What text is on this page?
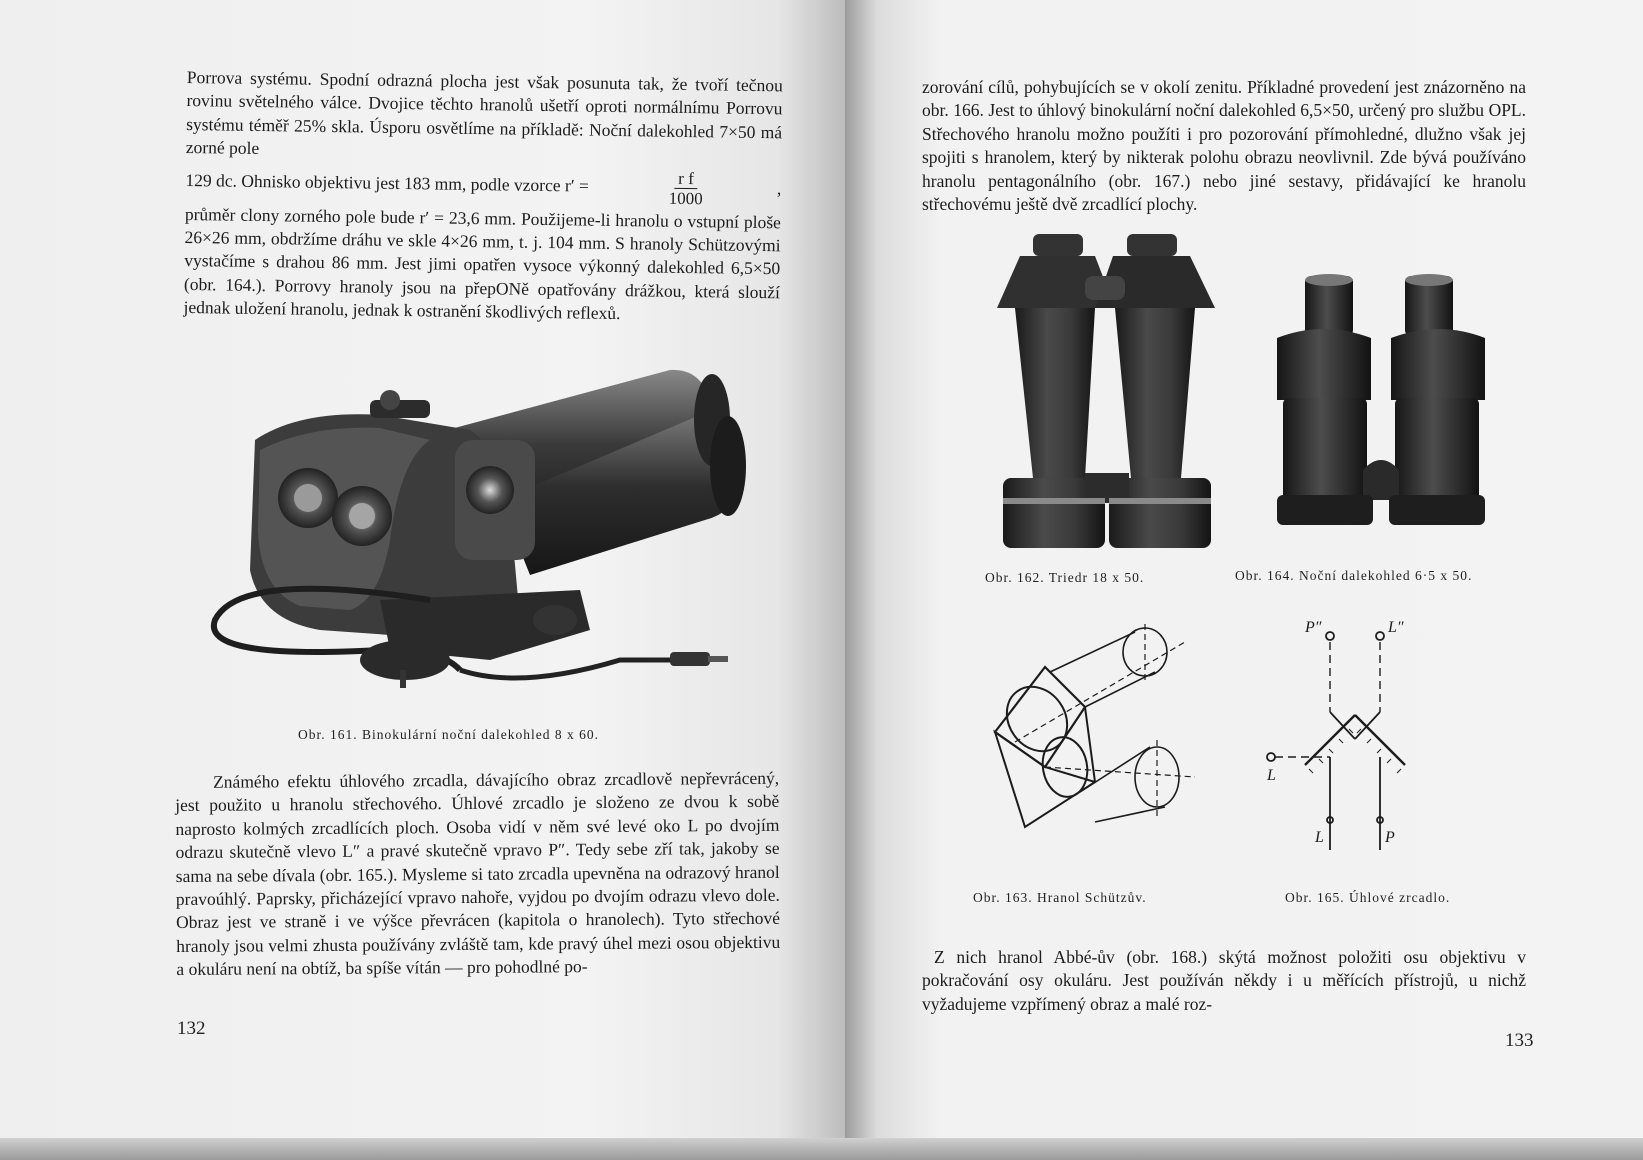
Porrova systému. Spodní odrazná plocha jest však posunuta tak, že tvoří tečnou rovinu světelného válce. Dvojice těchto hranolů ušetří oproti normálnímu Porrovu systému téměř 25% skla. Úsporu osvětlíme na příkladě: Noční dalekohled 7×50 má zorné pole

129 dc. Ohnisko objektivu jest 183 mm, podle vzorce r′ =	$\frac{\text{r f}}{1000}$	,

průměr clony zorného pole bude r′ = 23,6 mm. Použijeme-li hranolu o vstupní ploše 26×26 mm, obdržíme dráhu ve skle 4×26 mm, t. j. 104 mm. S hranoly Schützovými vystačíme s drahou 86 mm. Jest jimi opatřen vysoce výkonný dalekohled 6,5×50 (obr. 164.). Porrovy hranoly jsou na přepONě opatřovány drážkou, která slouží jednak uložení hranolu, jednak k ostranění škodlivých reflexů.

Obr. 161. Binokulární noční dalekohled 8 x 60.

Známého efektu úhlového zrcadla, dávajícího obraz zrcadlově nepřevrácený, jest použito u hranolu střechového. Úhlové zrcadlo je složeno ze dvou k sobě naprosto kolmých zrcadlících ploch. Osoba vidí v něm své levé oko L po dvojím odrazu skutečně vlevo L″ a pravé skutečně vpravo P″. Tedy sebe zří tak, jakoby se sama na sebe dívala (obr. 165.). Mysleme si tato zrcadla upevněna na odrazový hranol pravoúhlý. Paprsky, přicházející vpravo nahoře, vyjdou po dvojím odrazu vlevo dole. Obraz jest ve straně i ve výšce převrácen (kapitola o hranolech). Tyto střechové hranoly jsou velmi zhusta používány zvláště tam, kde pravý úhel mezi osou objektivu a okuláru není na obtíž, ba spíše vítán — pro pohodlné po-

132

zorování cílů, pohybujících se v okolí zenitu. Příkladné provedení jest znázorněno na obr. 166. Jest to úhlový binokulární noční dalekohled 6,5×50, určený pro službu OPL. Střechového hranolu možno použíti i pro pozorování přímohledné, dlužno však jej spojiti s hranolem, který by nikterak polohu obrazu neovlivnil. Zde bývá používáno hranolu pentagonálního (obr. 167.) nebo jiné sestavy, přidávající ke hranolu střechovému ještě dvě zrcadlící plochy.

Obr. 162. Triedr 18 x 50.	Obr. 164. Noční dalekohled 6·5 x 50.
P″	L″
L
L	P
Obr. 163. Hranol Schützův.	Obr. 165. Úhlové zrcadlo.

Z nich hranol Abbé-ův (obr. 168.) skýtá možnost položiti osu objektivu v pokračování osy okuláru. Jest používán někdy i u měřících přístrojů, u nichž vyžadujeme vzpřímený obraz a malé roz-

133
